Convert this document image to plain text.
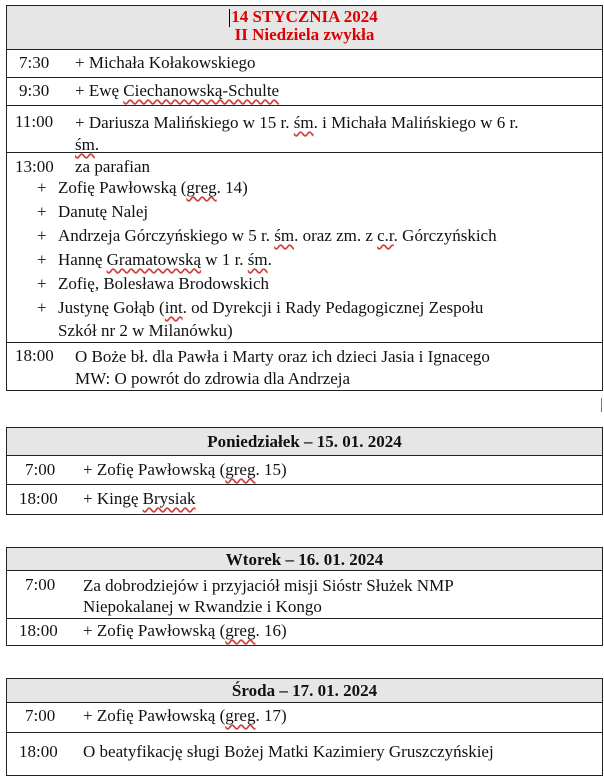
14 STYCZNIA 2024
II Niedziela zwykła
7:30 + Michała Kołakowskiego
9:30 + Ewę Ciechanowską-Schulte
11:00 + Dariusza Malińskiego w 15 r. śm. i Michała Malińskiego w 6 r.
śm.
13:00 za parafian
+ Zofię Pawłowską (greg. 14)
+ Danutę Nalej
+ Andrzeja Górczyńskiego w 5 r. śm. oraz zm. z c.r. Górczyńskich
+ Hannę Gramatowską w 1 r. śm.
+ Zofię, Bolesława Brodowskich
+ Justynę Gołąb (int. od Dyrekcji i Rady Pedagogicznej Zespołu
Szkół nr 2 w Milanówku)
18:00 O Boże bł. dla Pawła i Marty oraz ich dzieci Jasia i Ignacego
MW: O powrót do zdrowia dla Andrzeja
Poniedziałek – 15. 01. 2024
7:00 + Zofię Pawłowską (greg. 15)
18:00 + Kingę Brysiak
Wtorek – 16. 01. 2024
7:00 Za dobrodziejów i przyjaciół misji Sióstr Służek NMP
Niepokalanej w Rwandzie i Kongo
18:00 + Zofię Pawłowską (greg. 16)
Środa – 17. 01. 2024
7:00 + Zofię Pawłowską (greg. 17)
18:00 O beatyfikację sługi Bożej Matki Kazimiery Gruszczyńskiej
